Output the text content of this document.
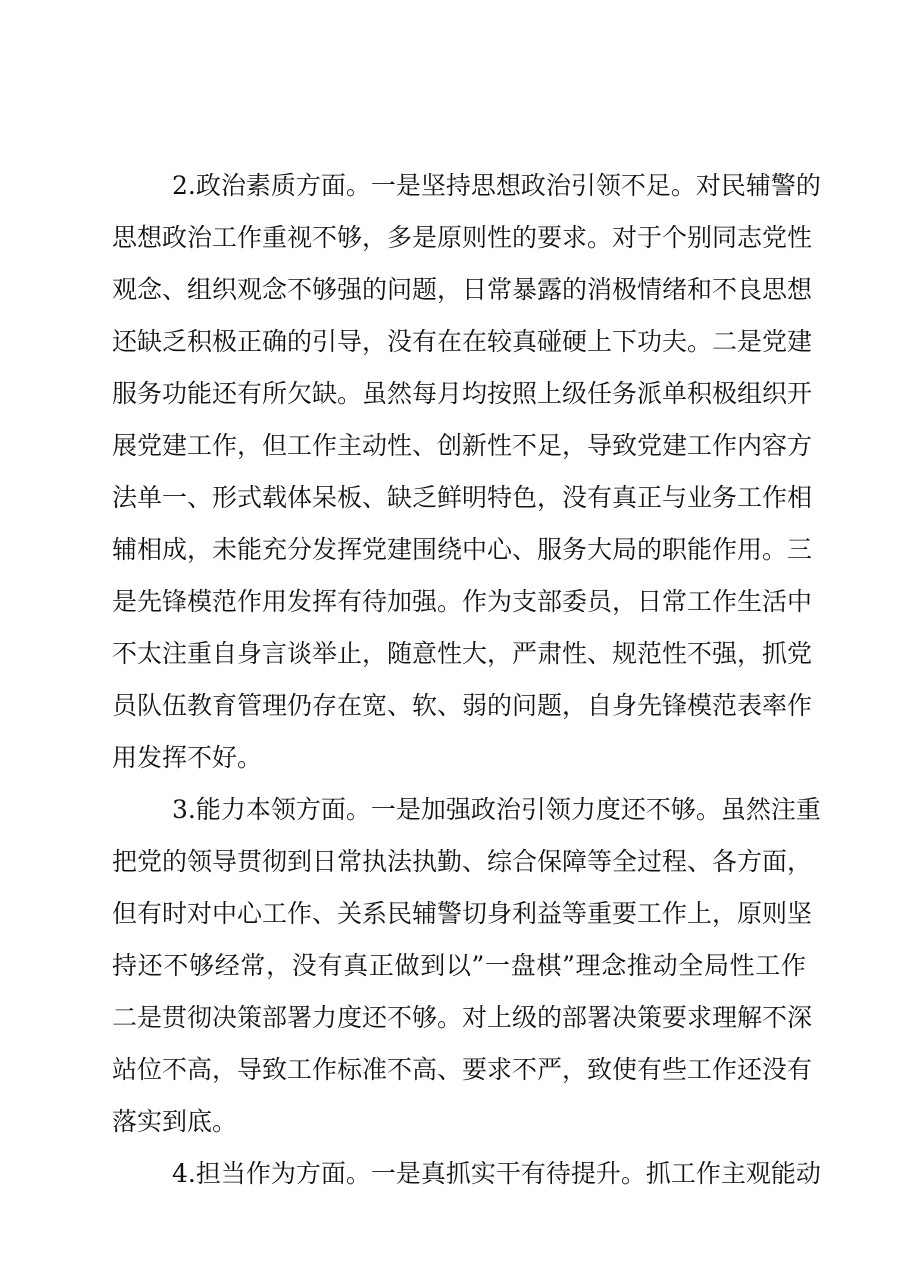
2.政治素质方面。一是坚持思想政治引领不足。对民辅警的
思想政治工作重视不够，多是原则性的要求。对于个别同志党性
观念、组织观念不够强的问题，日常暴露的消极情绪和不良思想
还缺乏积极正确的引导，没有在在较真碰硬上下功夫。二是党建
服务功能还有所欠缺。虽然每月均按照上级任务派单积极组织开
展党建工作，但工作主动性、创新性不足，导致党建工作内容方
法单一、形式载体呆板、缺乏鲜明特色，没有真正与业务工作相
辅相成，未能充分发挥党建围绕中心、服务大局的职能作用。三
是先锋模范作用发挥有待加强。作为支部委员，日常工作生活中
不太注重自身言谈举止，随意性大，严肃性、规范性不强，抓党
员队伍教育管理仍存在宽、软、弱的问题，自身先锋模范表率作
用发挥不好。
3.能力本领方面。一是加强政治引领力度还不够。虽然注重
把党的领导贯彻到日常执法执勤、综合保障等全过程、各方面，
但有时对中心工作、关系民辅警切身利益等重要工作上，原则坚
持还不够经常，没有真正做到以”一盘棋”理念推动全局性工作
二是贯彻决策部署力度还不够。对上级的部署决策要求理解不深
站位不高，导致工作标准不高、要求不严，致使有些工作还没有
落实到底。
4.担当作为方面。一是真抓实干有待提升。抓工作主观能动
